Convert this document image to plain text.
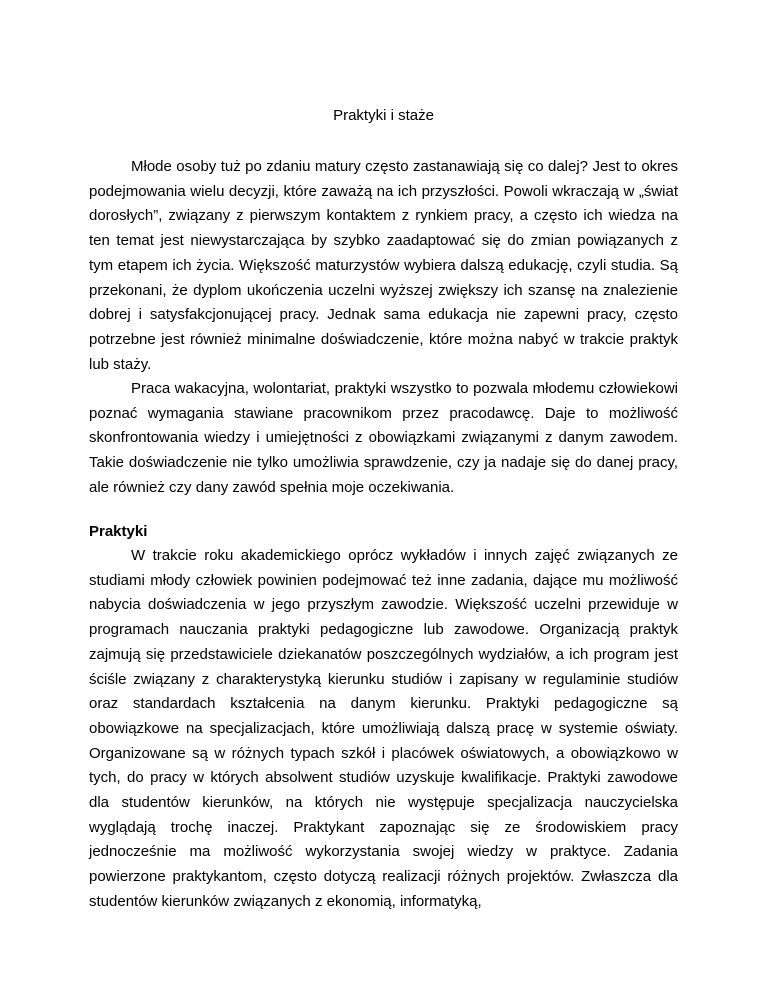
Praktyki i staże

Młode osoby tuż po zdaniu matury często zastanawiają się co dalej? Jest to okres podejmowania wielu decyzji, które zaważą na ich przyszłości. Powoli wkraczają w „świat dorosłych”, związany z pierwszym kontaktem z rynkiem pracy, a często ich wiedza na ten temat jest niewystarczająca by szybko zaadaptować się do zmian powiązanych z tym etapem ich życia. Większość maturzystów wybiera dalszą edukację, czyli studia. Są przekonani, że dyplom ukończenia uczelni wyższej zwiększy ich szansę na znalezienie dobrej i satysfakcjonującej pracy. Jednak sama edukacja nie zapewni pracy, często potrzebne jest również minimalne doświadczenie, które można nabyć w trakcie praktyk lub staży.

Praca wakacyjna, wolontariat, praktyki wszystko to pozwala młodemu człowiekowi poznać wymagania stawiane pracownikom przez pracodawcę. Daje to możliwość skonfrontowania wiedzy i umiejętności z obowiązkami związanymi z danym zawodem. Takie doświadczenie nie tylko umożliwia sprawdzenie, czy ja nadaje się do danej pracy, ale również czy dany zawód spełnia moje oczekiwania.

Praktyki

W trakcie roku akademickiego oprócz wykładów i innych zajęć związanych ze studiami młody człowiek powinien podejmować też inne zadania, dające mu możliwość nabycia doświadczenia w jego przyszłym zawodzie. Większość uczelni przewiduje w programach nauczania praktyki pedagogiczne lub zawodowe. Organizacją praktyk zajmują się przedstawiciele dziekanatów poszczególnych wydziałów, a ich program jest ściśle związany z charakterystyką kierunku studiów i zapisany w regulaminie studiów oraz standardach kształcenia na danym kierunku. Praktyki pedagogiczne są obowiązkowe na specjalizacjach, które umożliwiają dalszą pracę w systemie oświaty. Organizowane są w różnych typach szkół i placówek oświatowych, a obowiązkowo w tych, do pracy w których absolwent studiów uzyskuje kwalifikacje. Praktyki zawodowe dla studentów kierunków, na których nie występuje specjalizacja nauczycielska wyglądają trochę inaczej. Praktykant zapoznając się ze środowiskiem pracy jednocześnie ma możliwość wykorzystania swojej wiedzy w praktyce. Zadania powierzone praktykantom, często dotyczą realizacji różnych projektów. Zwłaszcza dla studentów kierunków związanych z ekonomią, informatyką,
